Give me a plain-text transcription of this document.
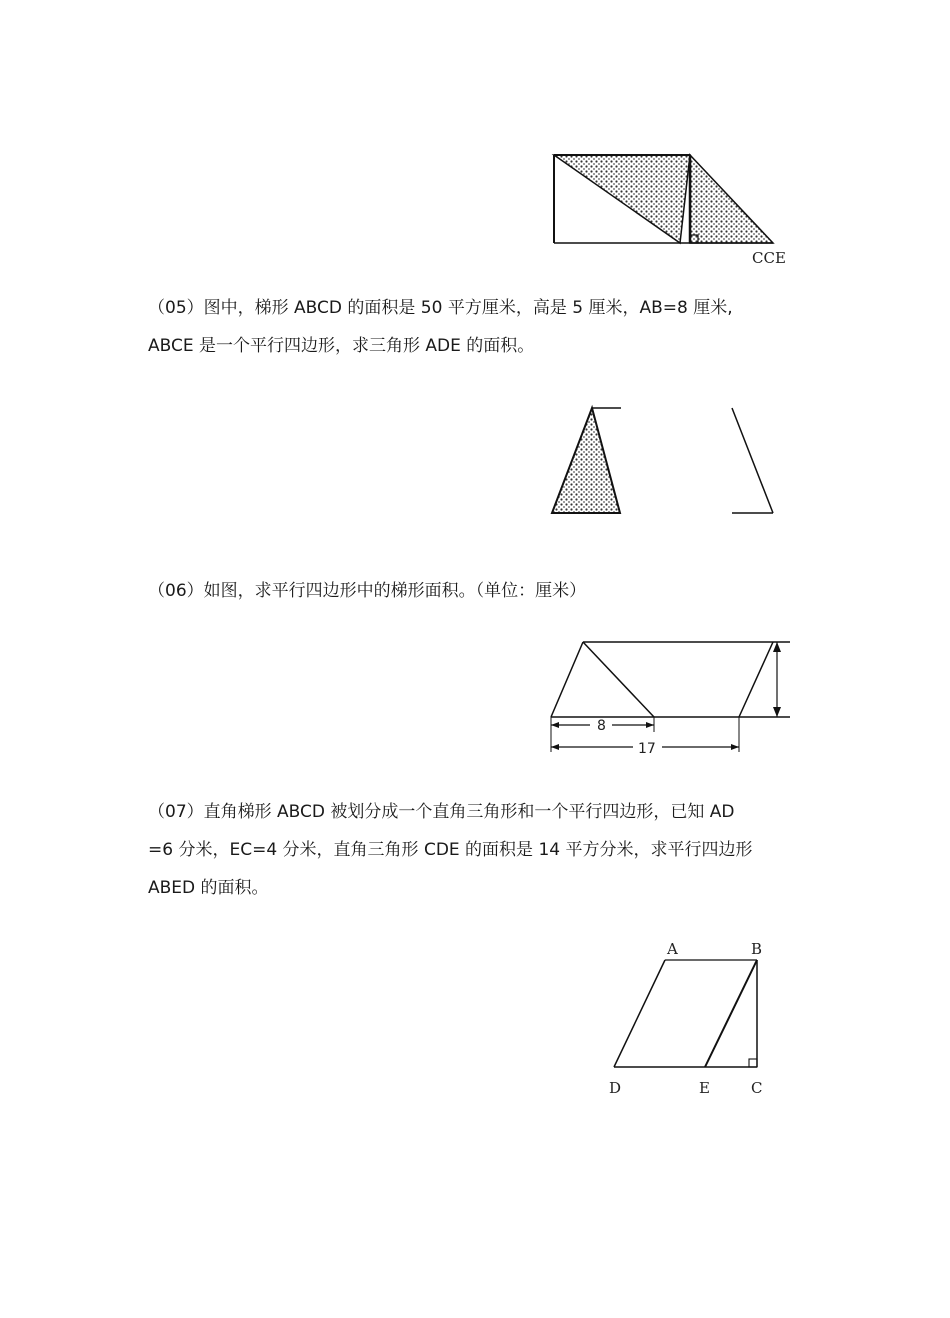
CCE

（05）图中，梯形 ABCD 的面积是 50 平方厘米，高是 5 厘米，AB=8 厘米,
ABCE 是一个平行四边形，求三角形 ADE 的面积。

（06）如图，求平行四边形中的梯形面积。（单位：厘米）

8
17

（07）直角梯形 ABCD 被划分成一个直角三角形和一个平行四边形，已知 AD
=6 分米，EC=4 分米，直角三角形 CDE 的面积是 14 平方分米，求平行四边形
ABED 的面积。

A	B
D	E	C
